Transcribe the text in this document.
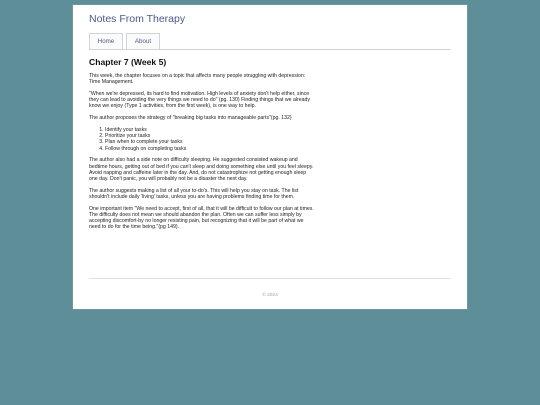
Notes From Therapy
Home	About
Chapter 7 (Week 5)

This week, the chapter focuses on a topic that affects many people struggling with depression: Time Management.

"When we're depressed, its hard to find motivation. High levels of anxiety don't help either, since they can lead to avoiding the very things we need to do" (pg. 130) Finding things that we already know we enjoy (Type 1 activities, from the first week), is one way to help.

The author proposes the strategy of "breaking big tasks into manageable parts"(pg. 132)

1. Identify your tasks
2. Prioritize your tasks
3. Plan when to complete your tasks
4. Follow through on completing tasks

The author also had a side note on difficulty sleeping. He suggested consisted wakeup and bedtime hours, getting out of bed if you can't sleep and doing something else until you feel sleepy. Avoid napping and caffeine later in the day. And, do not catastrophize not getting enough sleep one day. Don't panic, you will probably not be a disaster the next day.

The author suggests making a list of all your to-do's. This will help you stay on task. The list shouldn't include daily 'living' tasks, unless you are having problems finding time for them.

One important item "We need to accept, first of all, that it will be difficult to follow our plan at times. The difficulty does not mean we should abandon the plan. Often we can suffer less simply by accepting discomfort-by no longer resisting pain, but recognizing that it will be part of what we need to do for the time being."(pg 149).

© 2024
